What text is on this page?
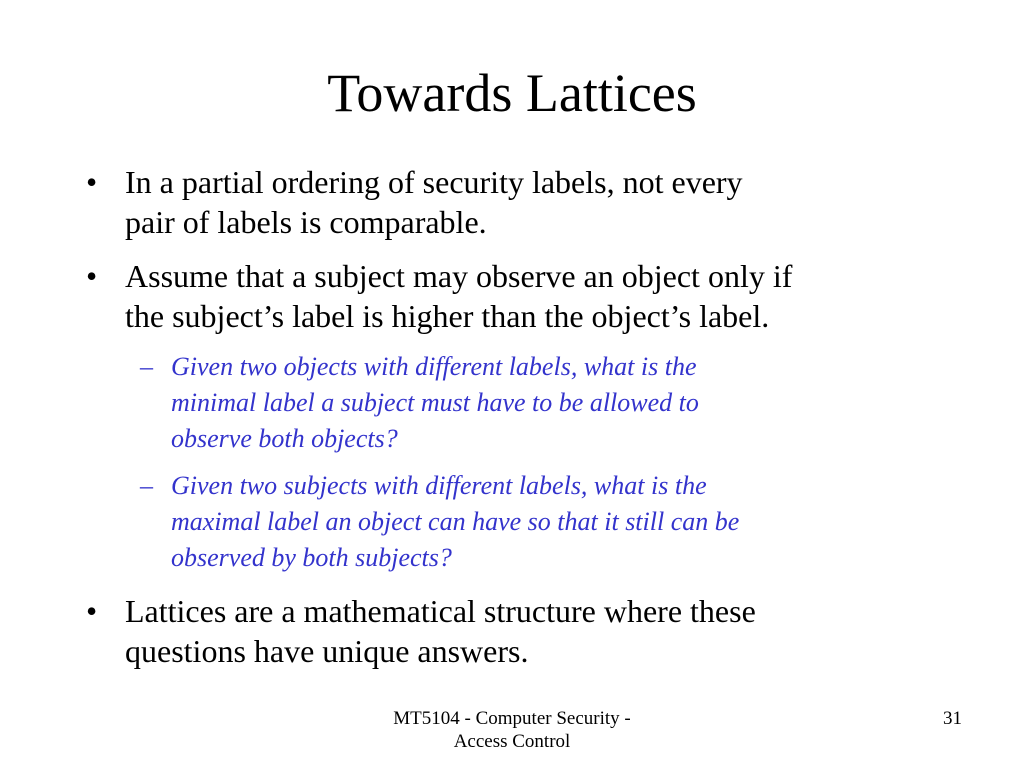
Towards Lattices
• In a partial ordering of security labels, not every
pair of labels is comparable.
• Assume that a subject may observe an object only if
the subject’s label is higher than the object’s label.
– Given two objects with different labels, what is the
minimal label a subject must have to be allowed to
observe both objects?
– Given two subjects with different labels, what is the
maximal label an object can have so that it still can be
observed by both subjects?
• Lattices are a mathematical structure where these
questions have unique answers.
MT5104 - Computer Security -
Access Control
31
